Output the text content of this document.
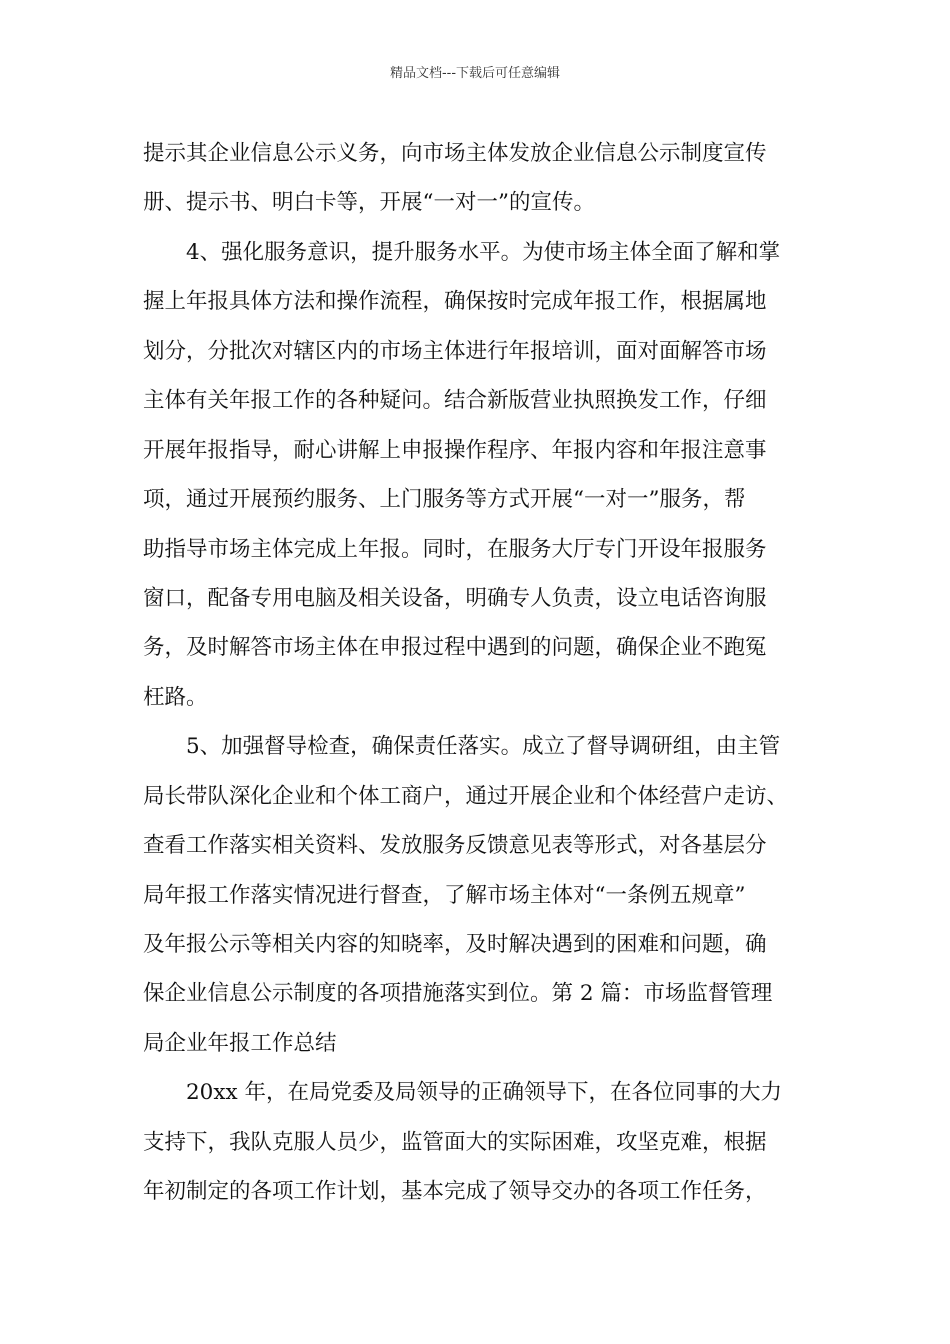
精品文档---下载后可任意编辑
提示其企业信息公示义务，向市场主体发放企业信息公示制度宣传
册、提示书、明白卡等，开展“一对一”的宣传。
4、强化服务意识，提升服务水平。为使市场主体全面了解和掌
握上年报具体方法和操作流程，确保按时完成年报工作，根据属地
划分，分批次对辖区内的市场主体进行年报培训，面对面解答市场
主体有关年报工作的各种疑问。结合新版营业执照换发工作，仔细
开展年报指导，耐心讲解上申报操作程序、年报内容和年报注意事
项，通过开展预约服务、上门服务等方式开展“一对一”服务，帮
助指导市场主体完成上年报。同时，在服务大厅专门开设年报服务
窗口，配备专用电脑及相关设备，明确专人负责，设立电话咨询服
务，及时解答市场主体在申报过程中遇到的问题，确保企业不跑冤
枉路。
5、加强督导检查，确保责任落实。成立了督导调研组，由主管
局长带队深化企业和个体工商户，通过开展企业和个体经营户走访、
查看工作落实相关资料、发放服务反馈意见表等形式，对各基层分
局年报工作落实情况进行督查，了解市场主体对“一条例五规章”
及年报公示等相关内容的知晓率，及时解决遇到的困难和问题，确
保企业信息公示制度的各项措施落实到位。第 2 篇：市场监督管理
局企业年报工作总结
20xx 年，在局党委及局领导的正确领导下，在各位同事的大力
支持下，我队克服人员少，监管面大的实际困难，攻坚克难，根据
年初制定的各项工作计划，基本完成了领导交办的各项工作任务，
